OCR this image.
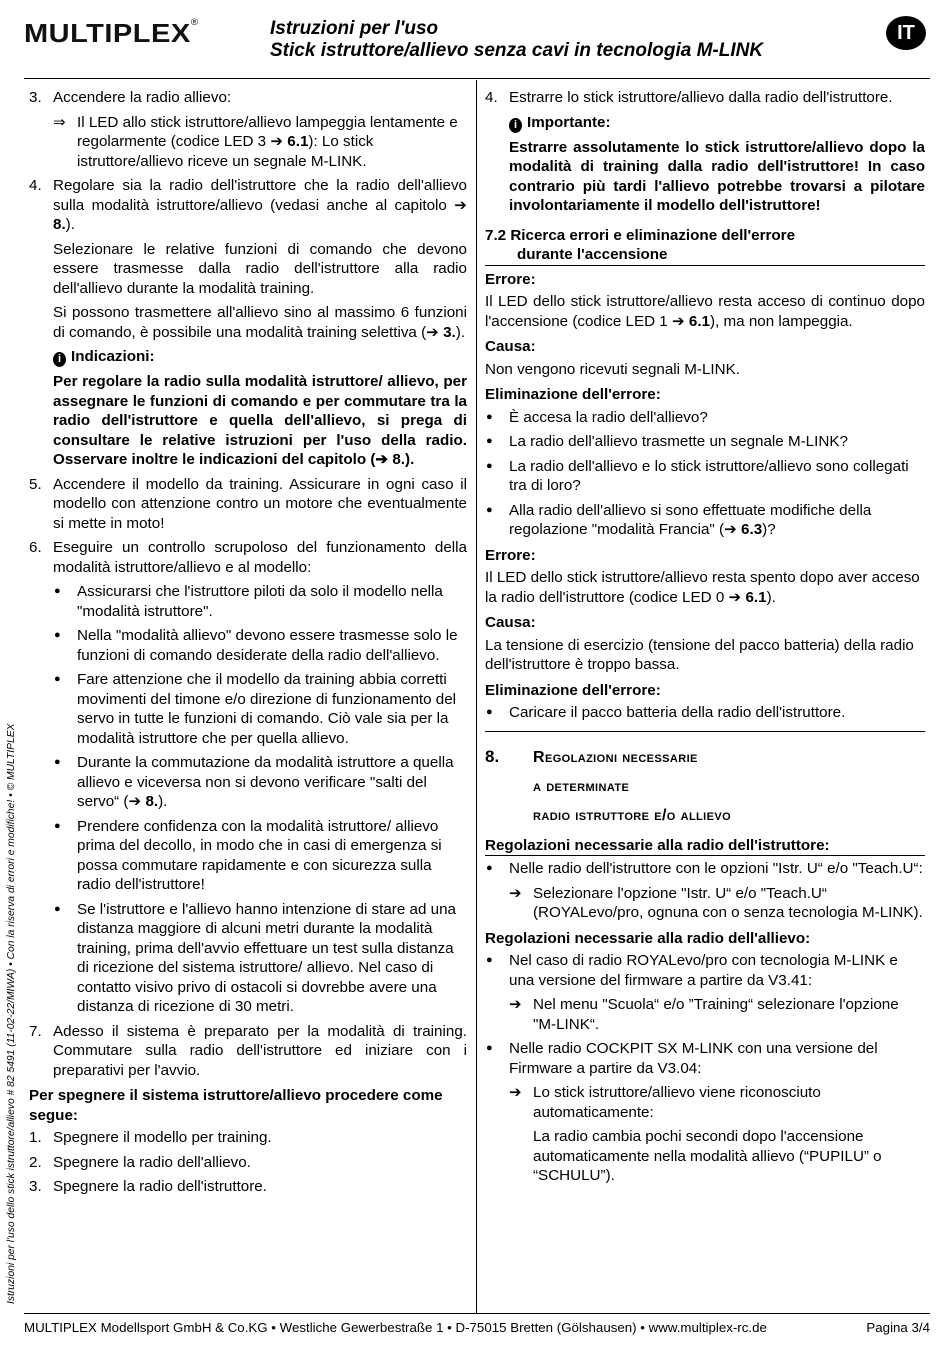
MULTIPLEX®	Istruzioni per l'uso
Stick istruttore/allievo senza cavi in tecnologia M-LINK
IT
Istruzioni per l'uso dello stick istruttore/allievo # 82 5491 (11-02-22/MIWA) • Con la riserva di errori e modifiche! • © MULTIPLEX
3. Accendere la radio allievo:
⇒ Il LED allo stick istruttore/allievo lampeggia lentamente e regolarmente (codice LED 3 ➔ 6.1): Lo stick istruttore/allievo riceve un segnale M-LINK.
4. Regolare sia la radio dell'istruttore che la radio dell'allievo sulla modalità istruttore/allievo (vedasi anche al capitolo ➔ 8.).
Selezionare le relative funzioni di comando che devono essere trasmesse dalla radio dell'istruttore alla radio dell'allievo durante la modalità training.
Si possono trasmettere all'allievo sino al massimo 6 funzioni di comando, è possibile una modalità training selettiva (➔ 3.).
i Indicazioni:
Per regolare la radio sulla modalità istruttore/ allievo, per assegnare le funzioni di comando e per commutare tra la radio dell'istruttore e quella dell'allievo, si prega di consultare le relative istruzioni per l'uso della radio. Osservare inoltre le indicazioni del capitolo (➔ 8.).
5. Accendere il modello da training. Assicurare in ogni caso il modello con attenzione contro un motore che eventualmente si mette in moto!
6. Eseguire un controllo scrupoloso del funzionamento della modalità istruttore/allievo e al modello:
● Assicurarsi che l'istruttore piloti da solo il modello nella "modalità istruttore".
● Nella "modalità allievo" devono essere trasmesse solo le funzioni di comando desiderate della radio dell'allievo.
● Fare attenzione che il modello da training abbia corretti movimenti del timone e/o direzione di funzionamento del servo in tutte le funzioni di comando. Ciò vale sia per la modalità istruttore che per quella allievo.
● Durante la commutazione da modalità istruttore a quella allievo e viceversa non si devono verificare "salti del servo“ (➔ 8.).
● Prendere confidenza con la modalità istruttore/ allievo prima del decollo, in modo che in casi di emergenza si possa commutare rapidamente e con sicurezza sulla radio dell'istruttore!
● Se l'istruttore e l'allievo hanno intenzione di stare ad una distanza maggiore di alcuni metri durante la modalità training, prima dell'avvio effettuare un test sulla distanza di ricezione del sistema istruttore/ allievo. Nel caso di contatto visivo privo di ostacoli si dovrebbe avere una distanza di ricezione di 30 metri.
7. Adesso il sistema è preparato per la modalità di training. Commutare sulla radio dell'istruttore ed iniziare con i preparativi per l'avvio.
Per spegnere il sistema istruttore/allievo procedere come segue:
1. Spegnere il modello per training.
2. Spegnere la radio dell'allievo.
3. Spegnere la radio dell'istruttore.
4. Estrarre lo stick istruttore/allievo dalla radio dell'istruttore.
i Importante:
Estrarre assolutamente lo stick istruttore/allievo dopo la modalità di training dalla radio dell'istruttore! In caso contrario più tardi l'allievo potrebbe trovarsi a pilotare involontariamente il modello dell'istruttore!
7.2 Ricerca errori e eliminazione dell'errore
durante l'accensione
Errore:
Il LED dello stick istruttore/allievo resta acceso di continuo dopo l'accensione (codice LED 1 ➔ 6.1), ma non lampeggia.
Causa:
Non vengono ricevuti segnali M-LINK.
Eliminazione dell'errore:
● È accesa la radio dell'allievo?
● La radio dell'allievo trasmette un segnale M-LINK?
● La radio dell'allievo e lo stick istruttore/allievo sono collegati tra di loro?
● Alla radio dell'allievo si sono effettuate modifiche della regolazione "modalità Francia" (➔ 6.3)?
Errore:
Il LED dello stick istruttore/allievo resta spento dopo aver acceso la radio dell'istruttore (codice LED 0 ➔ 6.1).
Causa:
La tensione di esercizio (tensione del pacco batteria) della radio dell'istruttore è troppo bassa.
Eliminazione dell'errore:
● Caricare il pacco batteria della radio dell'istruttore.
8. Regolazioni necessarie
a determinate
radio istruttore e/o allievo
Regolazioni necessarie alla radio dell'istruttore:
● Nelle radio dell'istruttore con le opzioni "Istr. U“ e/o "Teach.U“:
➔ Selezionare l'opzione "Istr. U“ e/o "Teach.U“ (ROYALevo/pro, ognuna con o senza tecnologia M-LINK).
Regolazioni necessarie alla radio dell'allievo:
● Nel caso di radio ROYALevo/pro con tecnologia M-LINK e una versione del firmware a partire da V3.41:
➔ Nel menu "Scuola“ e/o ”Training“ selezionare l'opzione "M-LINK“.
● Nelle radio COCKPIT SX M-LINK con una versione del Firmware a partire da V3.04:
➔ Lo stick istruttore/allievo viene riconosciuto automaticamente:
La radio cambia pochi secondi dopo l'accensione automaticamente nella modalità allievo (“PUPILU” o “SCHULU”).
MULTIPLEX Modellsport GmbH & Co.KG • Westliche Gewerbestraße 1 • D-75015 Bretten (Gölshausen) • www.multiplex-rc.de	Pagina 3/4
